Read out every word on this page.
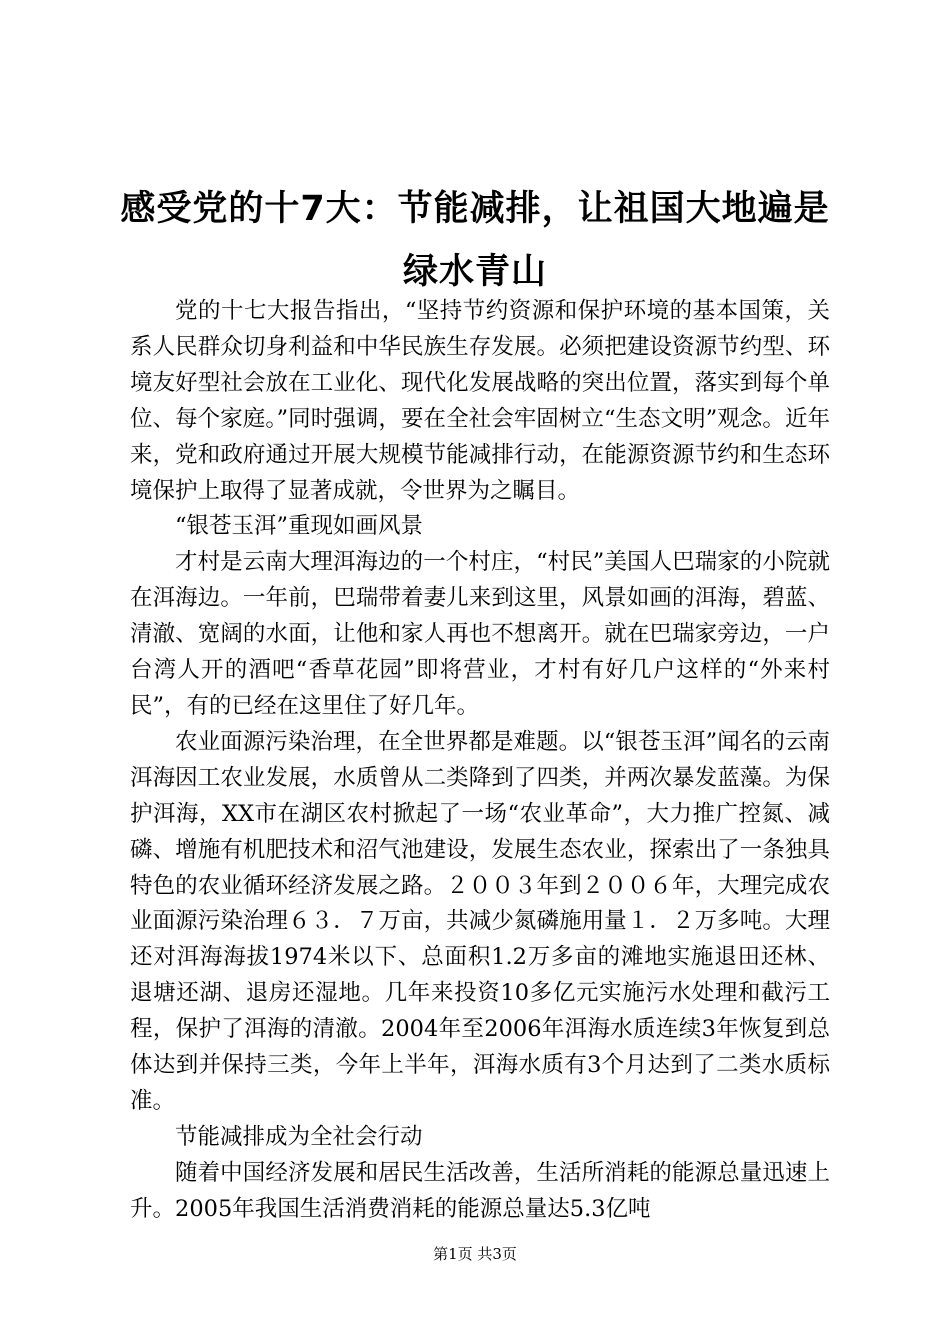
感受党的十7大：节能减排，让祖国大地遍是绿水青山

党的十七大报告指出，“坚持节约资源和保护环境的基本国策，关系人民群众切身利益和中华民族生存发展。必须把建设资源节约型、环境友好型社会放在工业化、现代化发展战略的突出位置，落实到每个单位、每个家庭。”同时强调，要在全社会牢固树立“生态文明”观念。近年来，党和政府通过开展大规模节能减排行动，在能源资源节约和生态环境保护上取得了显著成就，令世界为之瞩目。

“银苍玉洱”重现如画风景

才村是云南大理洱海边的一个村庄，“村民”美国人巴瑞家的小院就在洱海边。一年前，巴瑞带着妻儿来到这里，风景如画的洱海，碧蓝、清澈、宽阔的水面，让他和家人再也不想离开。就在巴瑞家旁边，一户台湾人开的酒吧“香草花园”即将营业，才村有好几户这样的“外来村民”，有的已经在这里住了好几年。

农业面源污染治理，在全世界都是难题。以“银苍玉洱”闻名的云南洱海因工农业发展，水质曾从二类降到了四类，并两次暴发蓝藻。为保护洱海，XX市在湖区农村掀起了一场“农业革命”，大力推广控氮、减磷、增施有机肥技术和沼气池建设，发展生态农业，探索出了一条独具特色的农业循环经济发展之路。２００３年到２００６年，大理完成农业面源污染治理６３．７万亩，共减少氮磷施用量１．２万多吨。大理还对洱海海拔1974米以下、总面积1.2万多亩的滩地实施退田还林、退塘还湖、退房还湿地。几年来投资10多亿元实施污水处理和截污工程，保护了洱海的清澈。2004年至2006年洱海水质连续3年恢复到总体达到并保持三类，今年上半年，洱海水质有3个月达到了二类水质标准。

节能减排成为全社会行动

随着中国经济发展和居民生活改善，生活所消耗的能源总量迅速上升。2005年我国生活消费消耗的能源总量达5.3亿吨

第1页 共3页
